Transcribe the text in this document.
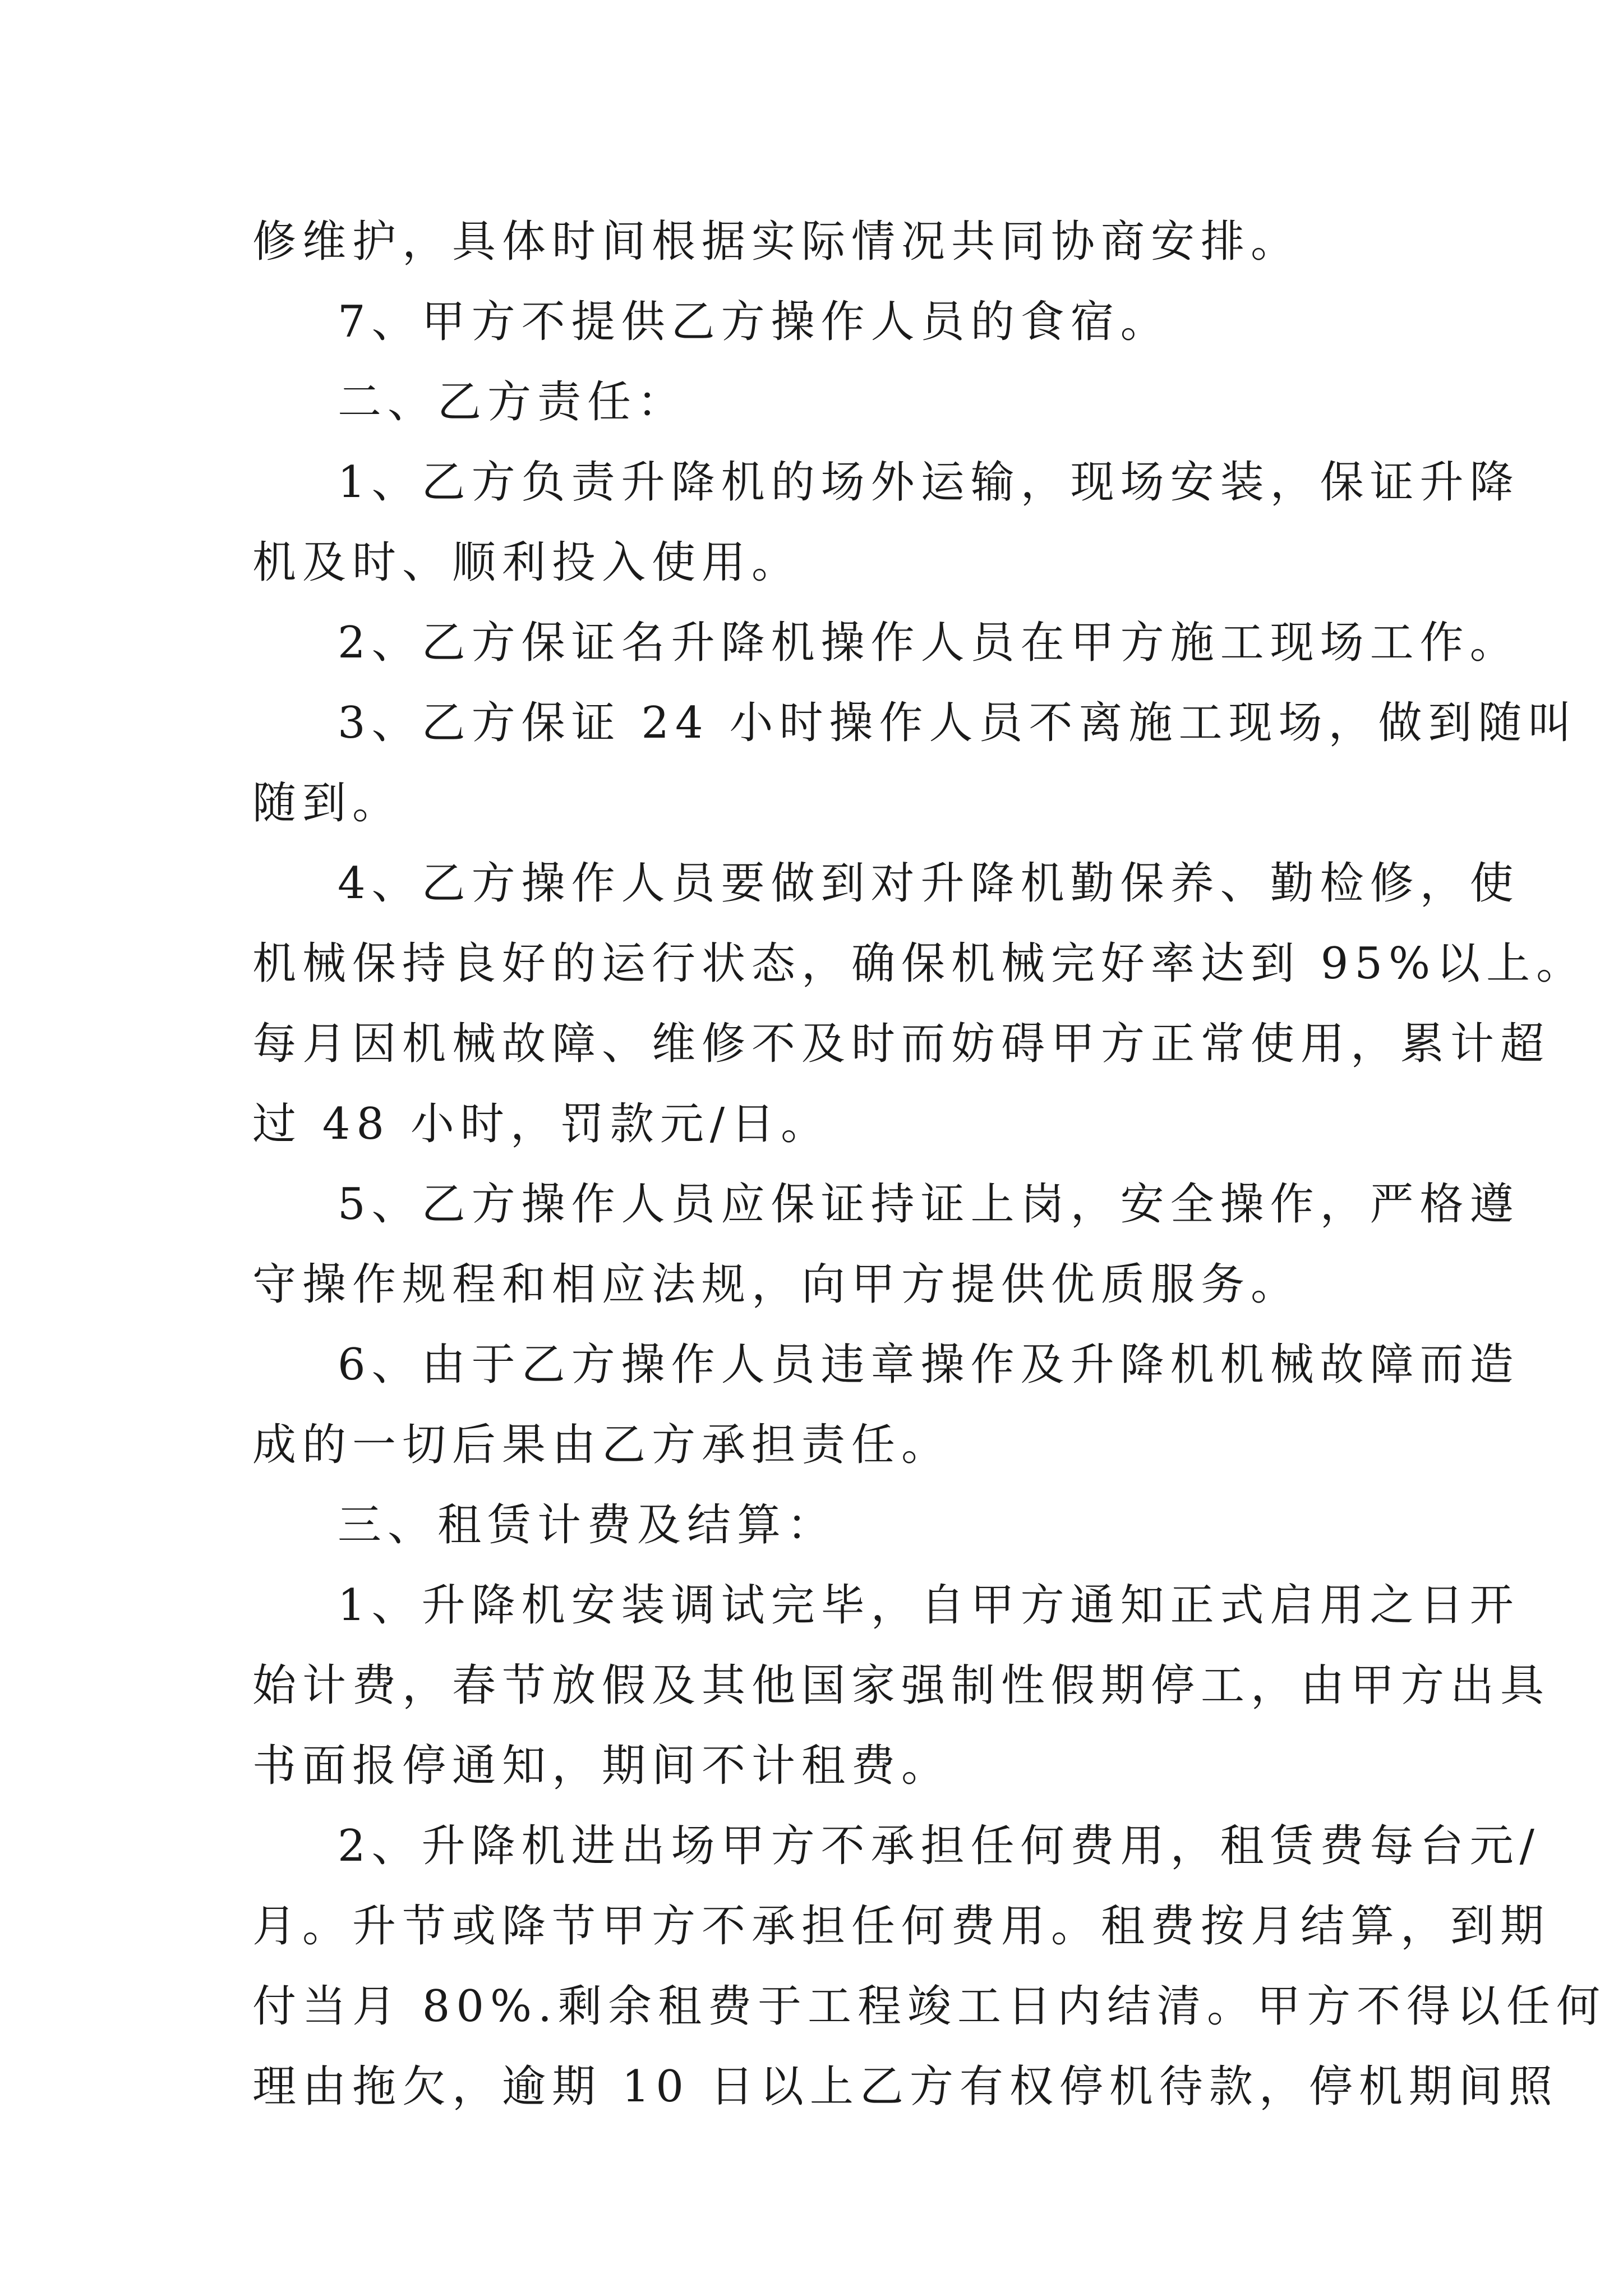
修维护，具体时间根据实际情况共同协商安排。

7、甲方不提供乙方操作人员的食宿。

二、乙方责任：

1、乙方负责升降机的场外运输，现场安装，保证升降

机及时、顺利投入使用。

2、乙方保证名升降机操作人员在甲方施工现场工作。

3、乙方保证 24 小时操作人员不离施工现场，做到随叫

随到。

4、乙方操作人员要做到对升降机勤保养、勤检修，使

机械保持良好的运行状态，确保机械完好率达到 95%以上。

每月因机械故障、维修不及时而妨碍甲方正常使用，累计超

过 48 小时，罚款元/日。

5、乙方操作人员应保证持证上岗，安全操作，严格遵

守操作规程和相应法规，向甲方提供优质服务。

6、由于乙方操作人员违章操作及升降机机械故障而造

成的一切后果由乙方承担责任。

三、租赁计费及结算：

1、升降机安装调试完毕，自甲方通知正式启用之日开

始计费，春节放假及其他国家强制性假期停工，由甲方出具

书面报停通知，期间不计租费。

2、升降机进出场甲方不承担任何费用，租赁费每台元/

月。升节或降节甲方不承担任何费用。租费按月结算，到期

付当月 80%.剩余租费于工程竣工日内结清。甲方不得以任何

理由拖欠，逾期 10 日以上乙方有权停机待款，停机期间照
